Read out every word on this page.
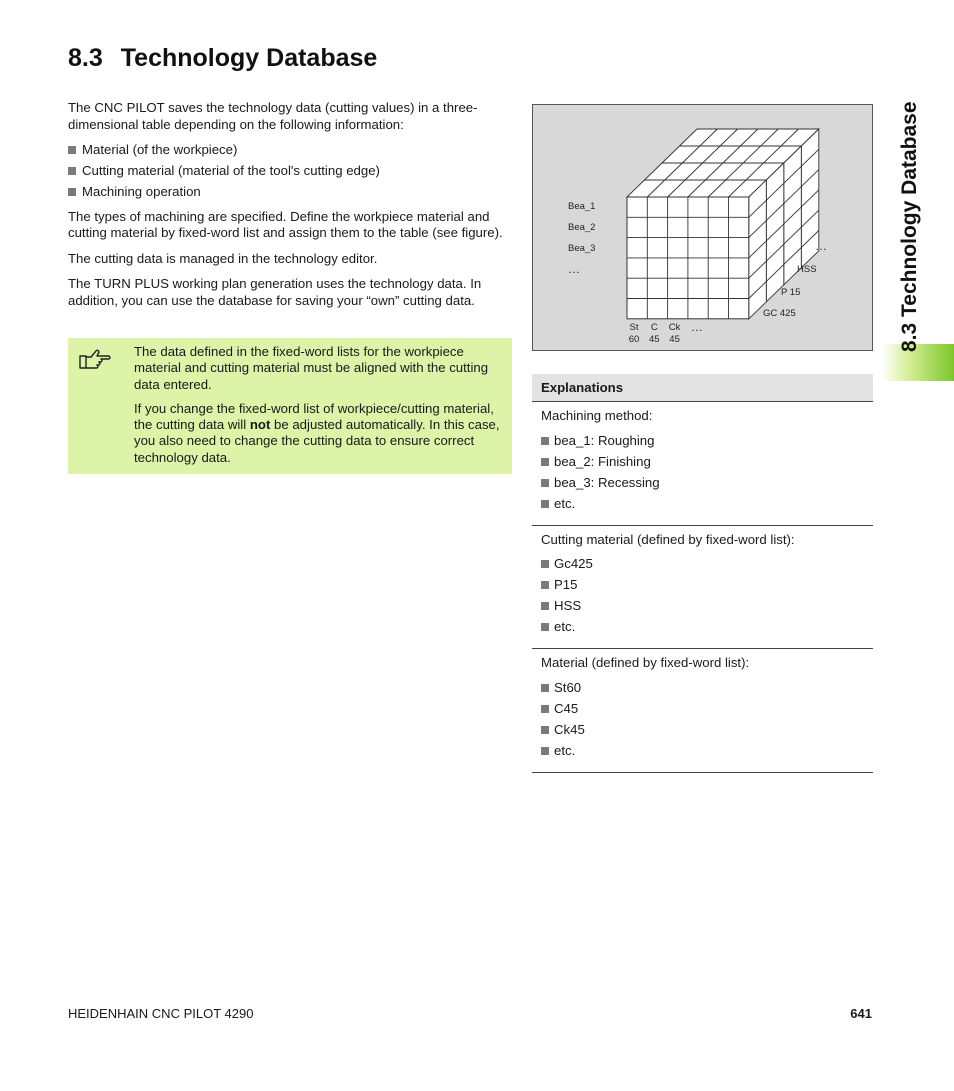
8.3 Technology Database

The CNC PILOT saves the technology data (cutting values) in a three-dimensional table depending on the following information:

Material (of the workpiece)
Cutting material (material of the tool's cutting edge)
Machining operation

The types of machining are specified. Define the workpiece material and cutting material by fixed-word list and assign them to the table (see figure).

The cutting data is managed in the technology editor.

The TURN PLUS working plan generation uses the technology data. In addition, you can use the database for saving your “own” cutting data.

The data defined in the fixed-word lists for the workpiece material and cutting material must be aligned with the cutting data entered.

If you change the fixed-word list of workpiece/cutting material, the cutting data will not be adjusted automatically. In this case, you also need to change the cutting data to ensure correct technology data.

Bea_1
Bea_2
Bea_3
…
St
60
C
45
Ck
45
…
GC 425
P 15
HSS
…
Explanations

Machining method:

bea_1: Roughing
bea_2: Finishing
bea_3: Recessing
etc.

Cutting material (defined by fixed-word list):

Gc425
P15
HSS
etc.

Material (defined by fixed-word list):

St60
C45
Ck45
etc.
8.3 Technology Database
HEIDENHAIN CNC PILOT 4290	641
